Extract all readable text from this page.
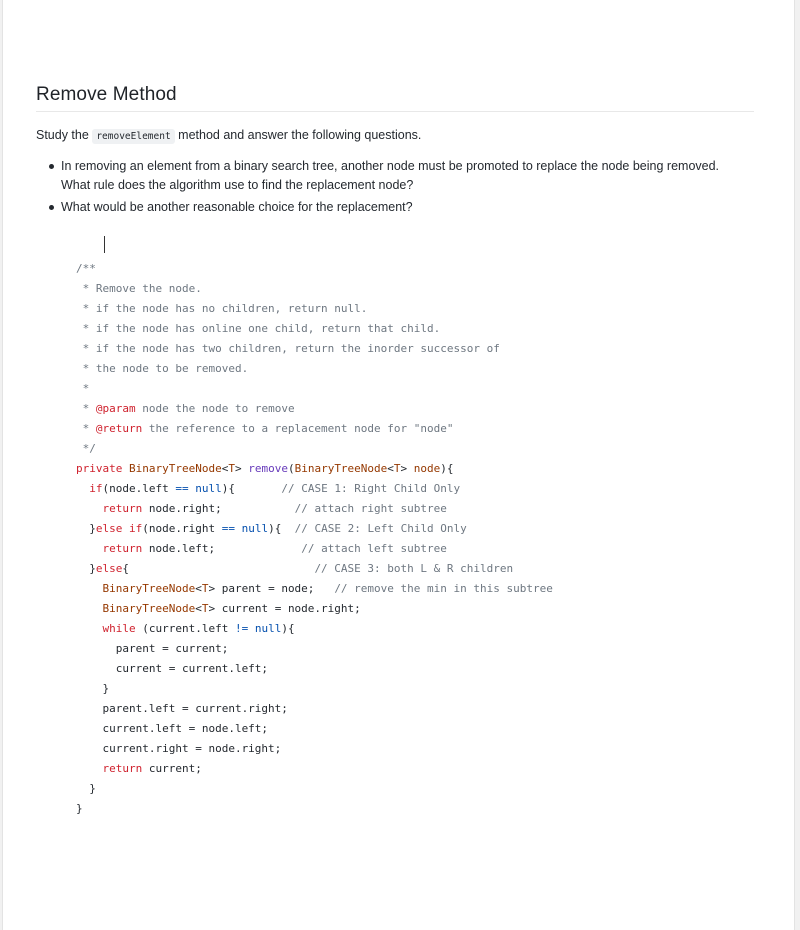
Remove Method

Study the removeElement method and answer the following questions.

In removing an element from a binary search tree, another node must be promoted to replace the node being removed. What rule does the algorithm use to find the replacement node?
What would be another reasonable choice for the replacement?
/**
* Remove the node.
* if the node has no children, return null.
* if the node has online one child, return that child.
* if the node has two children, return the inorder successor of
* the node to be removed.
*
* @param node the node to remove
* @return the reference to a replacement node for "node"
*/
private BinaryTreeNode<T> remove(BinaryTreeNode<T> node){
if(node.left == null){       // CASE 1: Right Child Only
return node.right;           // attach right subtree
}else if(node.right == null){  // CASE 2: Left Child Only
return node.left;             // attach left subtree
}else{                            // CASE 3: both L & R children
BinaryTreeNode<T> parent = node;   // remove the min in this subtree
BinaryTreeNode<T> current = node.right;
while (current.left != null){
parent = current;
current = current.left;
}
parent.left = current.right;
current.left = node.left;
current.right = node.right;
return current;
}
}
